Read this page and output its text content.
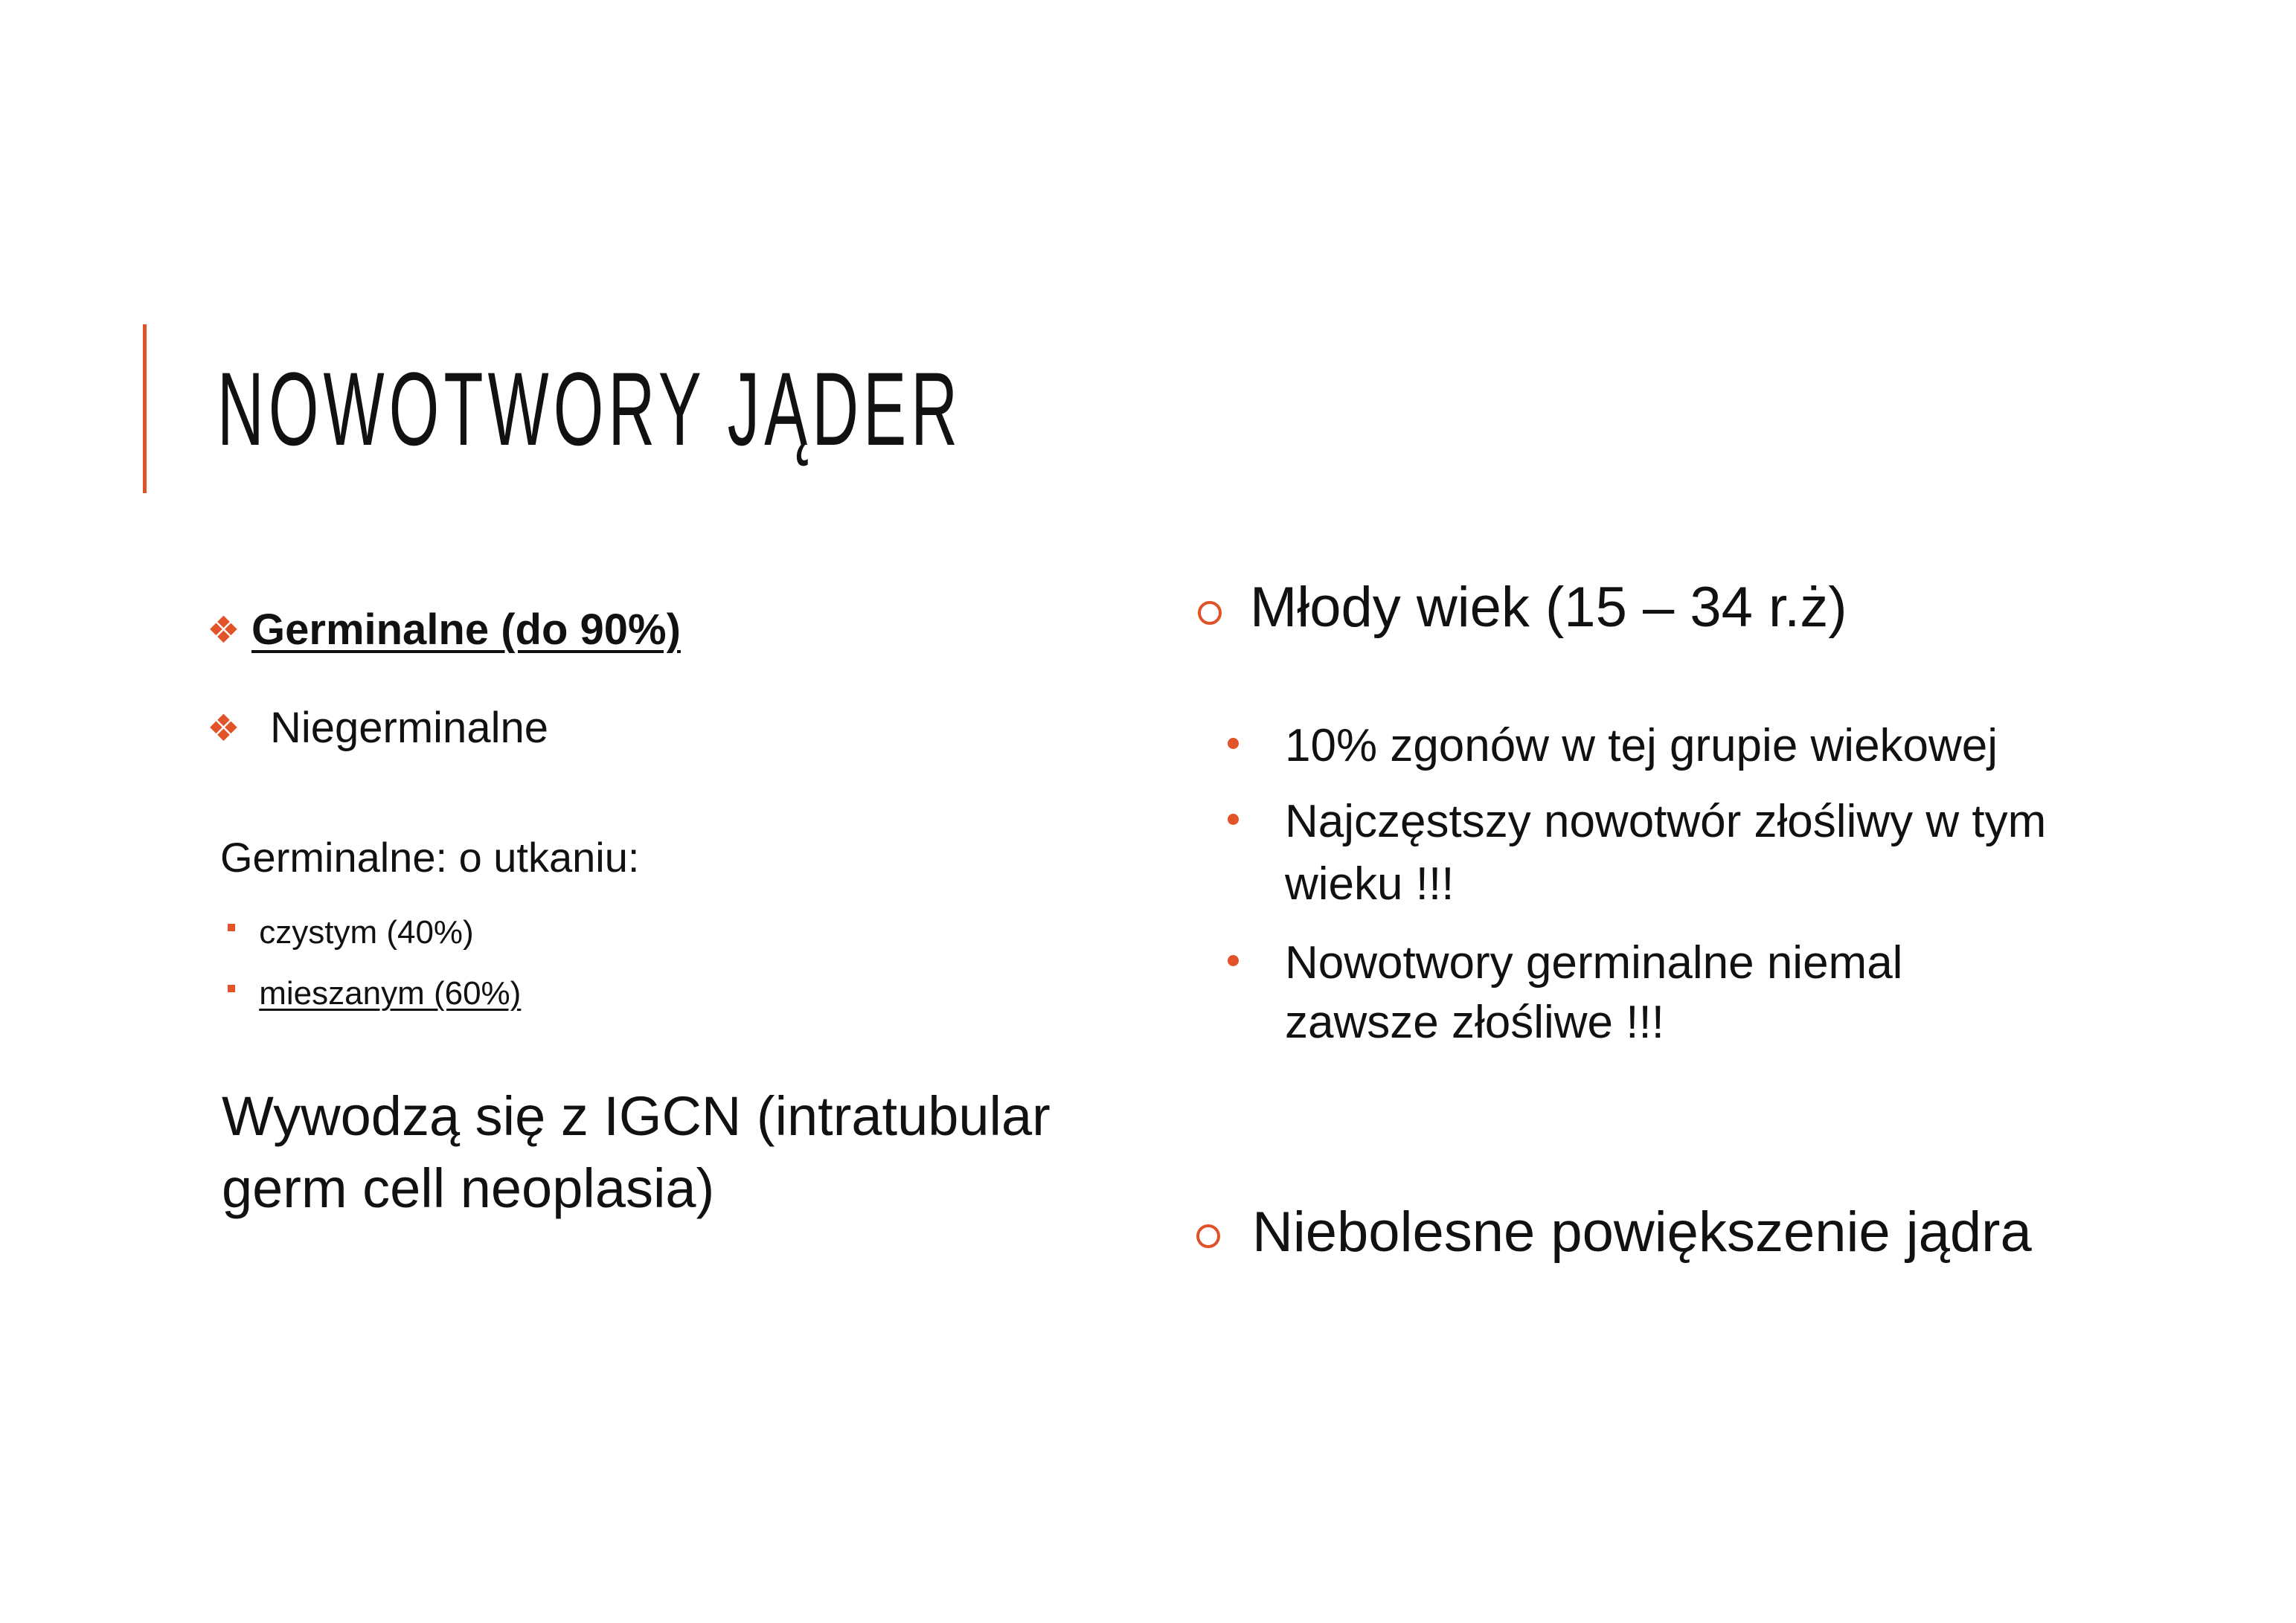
NOWOTWORY JĄDER
❖ Germinalne (do 90%)
❖ Niegerminalne
Germinalne: o utkaniu:
czystym (40%)
mieszanym (60%)
Wywodzą się z IGCN (intratubular
germ cell neoplasia)
Młody wiek (15 – 34 r.ż)
10% zgonów w tej grupie wiekowej
Najczęstszy nowotwór złośliwy w tym
wieku !!!
Nowotwory germinalne niemal
zawsze złośliwe !!!
Niebolesne powiększenie jądra
